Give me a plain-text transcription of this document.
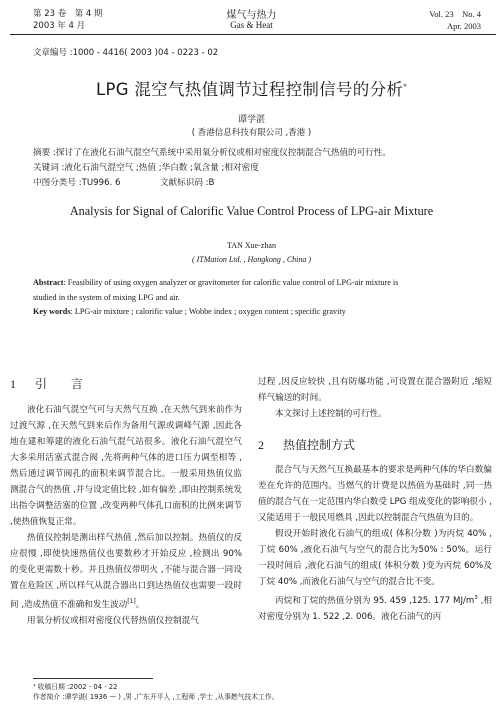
第 23 卷　第 4 期
2003 年 4 月
煤气与热力
Gas & Heat
Vol. 23　No. 4
Apr. 2003
文章编号 :1000 - 4416( 2003 )04 - 0223 - 02
LPG 混空气热值调节过程控制信号的分析*
谭学湛
( 香港信息科技有限公司 ,香港 )
摘要 :探讨了在液化石油气混空气系统中采用氧分析仪或相对密度仪控制混合气热值的可行性。
关键词 :液化石油气混空气 ;热值 ;华白数 ;氧含量 ;相对密度
中图分类号 :TU996. 6	文献标识码 :B
Analysis for Signal of Calorific Value Control Process of LPG-air Mixture
TAN Xue-zhan
( ITMation Ltd. , Hongkong , China )
Abstract: Feasibility of using oxygen analyzer or gravitometer for calorific value control of LPG-air mixture is
studied in the system of mixing LPG and air.
Key words: LPG-air mixture ; calorific value ; Wobbe index ; oxygen content ; specific gravity
1 引　　言

液化石油气混空气可与天然气互换 ,在天然气到来前作为过渡气源 ,在天然气到来后作为备用气源或调峰气源 ,因此各地在建和筹建的液化石油气混气站很多。液化石油气混空气大多采用活塞式混合阀 ,先将两种气体的进口压力调至相等 ,然后通过调节阀孔的面积来调节混合比。一般采用热值仪监测混合气的热值 ,并与设定值比较 ,如有偏差 ,即由控制系统发出指令调整活塞的位置 ,改变两种气体孔口面积的比例来调节 ,使热值恢复正常。

热值仪控制是测出样气热值 ,然后加以控制。热值仪的反应很慢 ,即使快速热值仪也要数秒才开始反应 ,检测出 90% 的变化更需数十秒。并且热值仪带明火 ,不能与混合器一同设置在危险区 ,所以样气从混合器出口到达热值仪也需要一段时间 ,造成热值不准确和发生波动[1]。

用氧分析仪或相对密度仪代替热值仪控制混气

过程 ,因反应较快 ,且有防爆功能 ,可设置在混合器附近 ,缩短样气输送的时间。

本文探讨上述控制的可行性。

2 热值控制方式

混合气与天然气互换最基本的要求是两种气体的华白数偏差在允许的范围内。当燃气的计费是以热值为基础时 ,同一热值的混合气在一定范围内华白数受 LPG 组成变化的影响很小 ,又能适用于一般民用燃具 ,因此以控制混合气热值为目的。

假设开始时液化石油气的组成( 体积分数 )为丙烷 40% ,丁烷 60% ,液化石油气与空气的混合比为50% : 50%。运行一段时间后 ,液化石油气的组成( 体积分数 )变为丙烷 60%及丁烷 40% ,而液化石油气与空气的混合比不变。

丙烷和丁烷的热值分别为 95. 459 ,125. 177 $MJ/m^3$ ,相对密度分别为 1. 522 ,2. 006。液化石油气的丙

* 收稿日期 :2002 - 04 - 22
作者简介 :谭学湛( 1936 — ) ,男 ,广东开平人 ,工程师 ,学士 ,从事燃气技术工作。
